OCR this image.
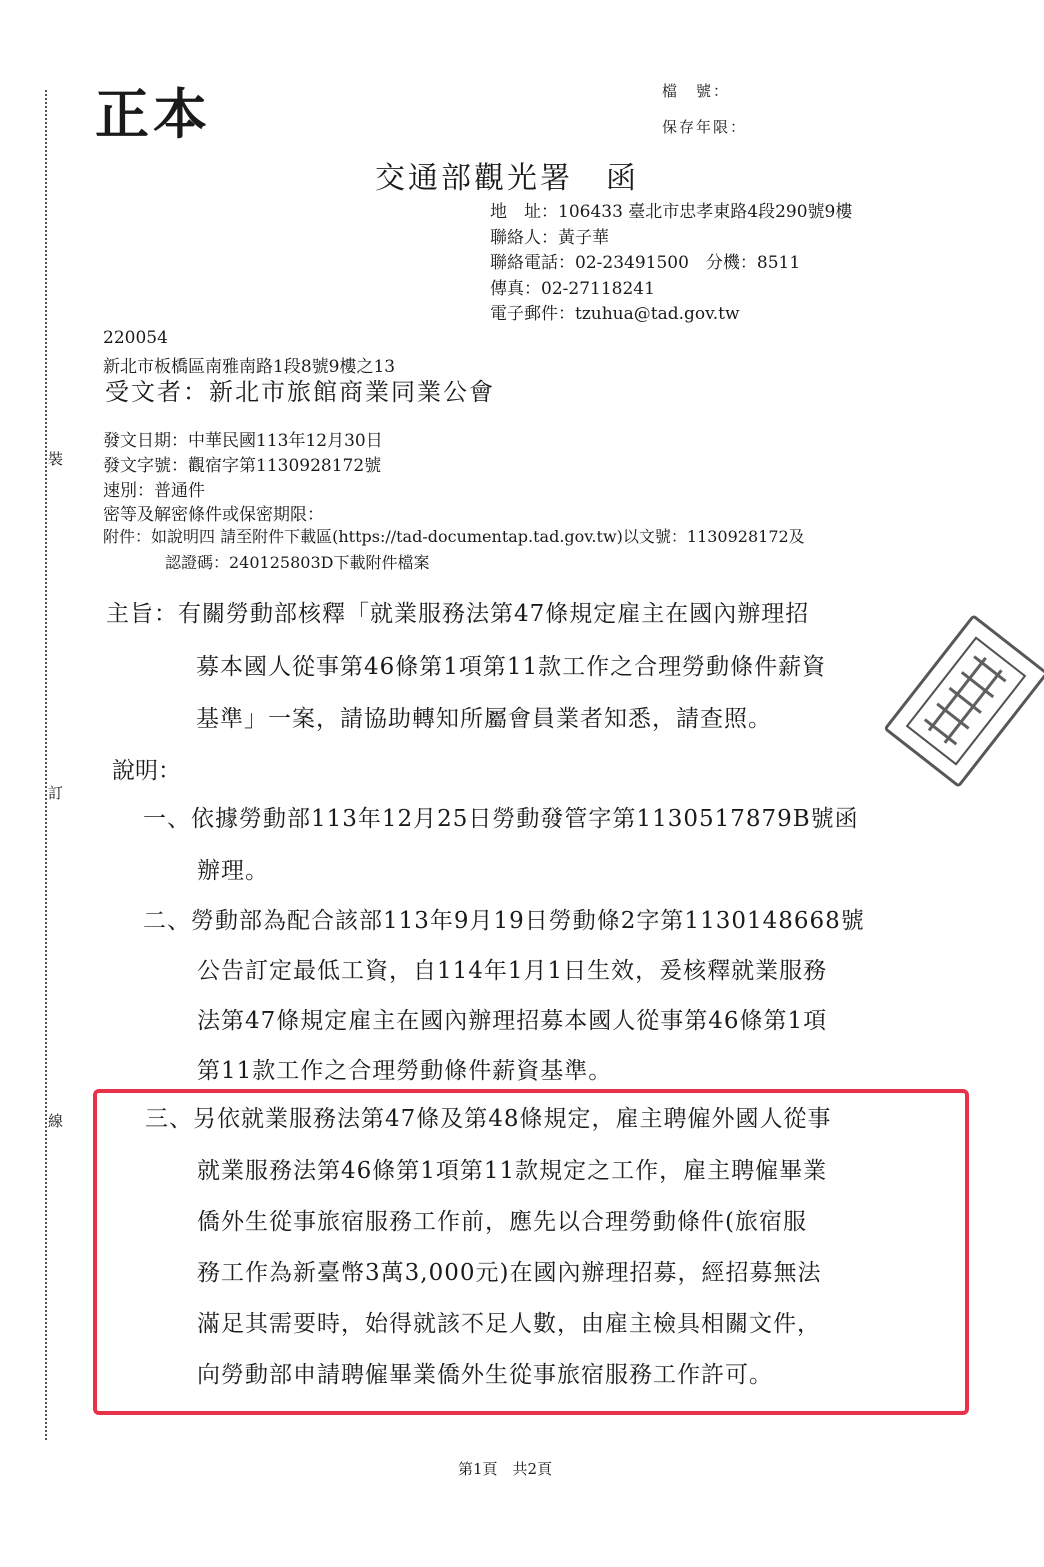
裝
訂
線
正本	檔　號：
保存年限：
交通部觀光署　函
地　址：106433 臺北市忠孝東路4段290號9樓
聯絡人：黃子華
聯絡電話：02-23491500　分機：8511
傳真：02-27118241
電子郵件：tzuhua@tad.gov.tw
220054
新北市板橋區南雅南路1段8號9樓之13
受文者：新北市旅館商業同業公會
發文日期：中華民國113年12月30日
發文字號：觀宿字第1130928172號
速別：普通件
密等及解密條件或保密期限：
附件：如說明四 請至附件下載區(https://tad-documentap.tad.gov.tw)以文號：1130928172及
認證碼：240125803D下載附件檔案
主旨：有關勞動部核釋「就業服務法第47條規定雇主在國內辦理招
募本國人從事第46條第1項第11款工作之合理勞動條件薪資
基準」一案，請協助轉知所屬會員業者知悉，請查照。
說明：
一、依據勞動部113年12月25日勞動發管字第1130517879B號函
辦理。
二、勞動部為配合該部113年9月19日勞動條2字第1130148668號
公告訂定最低工資，自114年1月1日生效，爰核釋就業服務
法第47條規定雇主在國內辦理招募本國人從事第46條第1項
第11款工作之合理勞動條件薪資基準。
三、另依就業服務法第47條及第48條規定，雇主聘僱外國人從事
就業服務法第46條第1項第11款規定之工作，雇主聘僱畢業
僑外生從事旅宿服務工作前，應先以合理勞動條件(旅宿服
務工作為新臺幣3萬3,000元)在國內辦理招募，經招募無法
滿足其需要時，始得就該不足人數，由雇主檢具相關文件，
向勞動部申請聘僱畢業僑外生從事旅宿服務工作許可。
第1頁　共2頁
